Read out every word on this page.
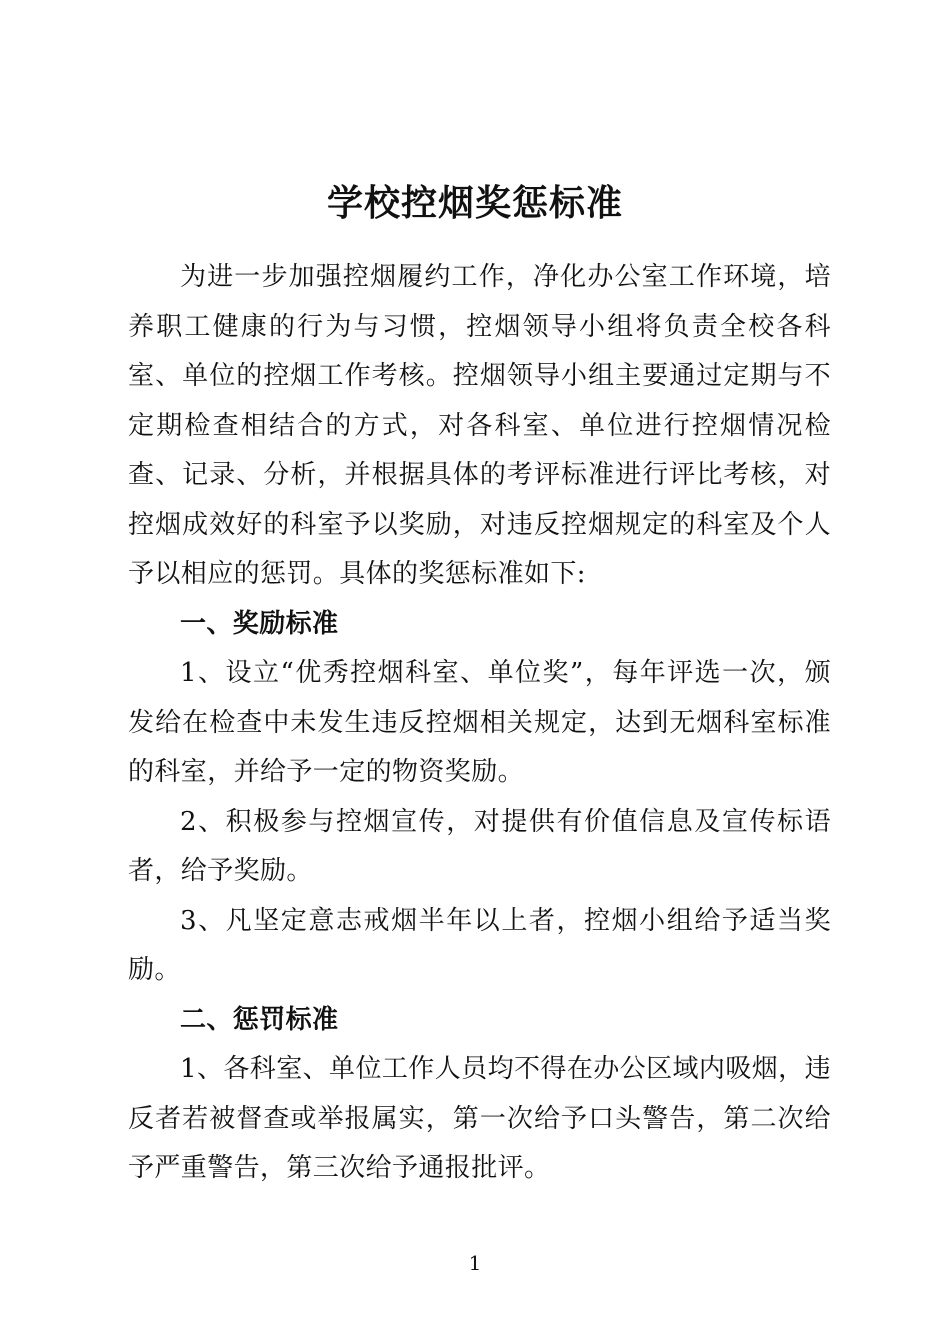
学校控烟奖惩标准

为进一步加强控烟履约工作，净化办公室工作环境，培养职工健康的行为与习惯，控烟领导小组将负责全校各科室、单位的控烟工作考核。控烟领导小组主要通过定期与不定期检查相结合的方式，对各科室、单位进行控烟情况检查、记录、分析，并根据具体的考评标准进行评比考核，对控烟成效好的科室予以奖励，对违反控烟规定的科室及个人予以相应的惩罚。具体的奖惩标准如下:

一、奖励标准

1、设立“优秀控烟科室、单位奖”，每年评选一次，颁发给在检查中未发生违反控烟相关规定，达到无烟科室标准的科室，并给予一定的物资奖励。

2、积极参与控烟宣传，对提供有价值信息及宣传标语者，给予奖励。

3、凡坚定意志戒烟半年以上者，控烟小组给予适当奖励。

二、惩罚标准

1、各科室、单位工作人员均不得在办公区域内吸烟，违反者若被督查或举报属实，第一次给予口头警告，第二次给予严重警告，第三次给予通报批评。

1
